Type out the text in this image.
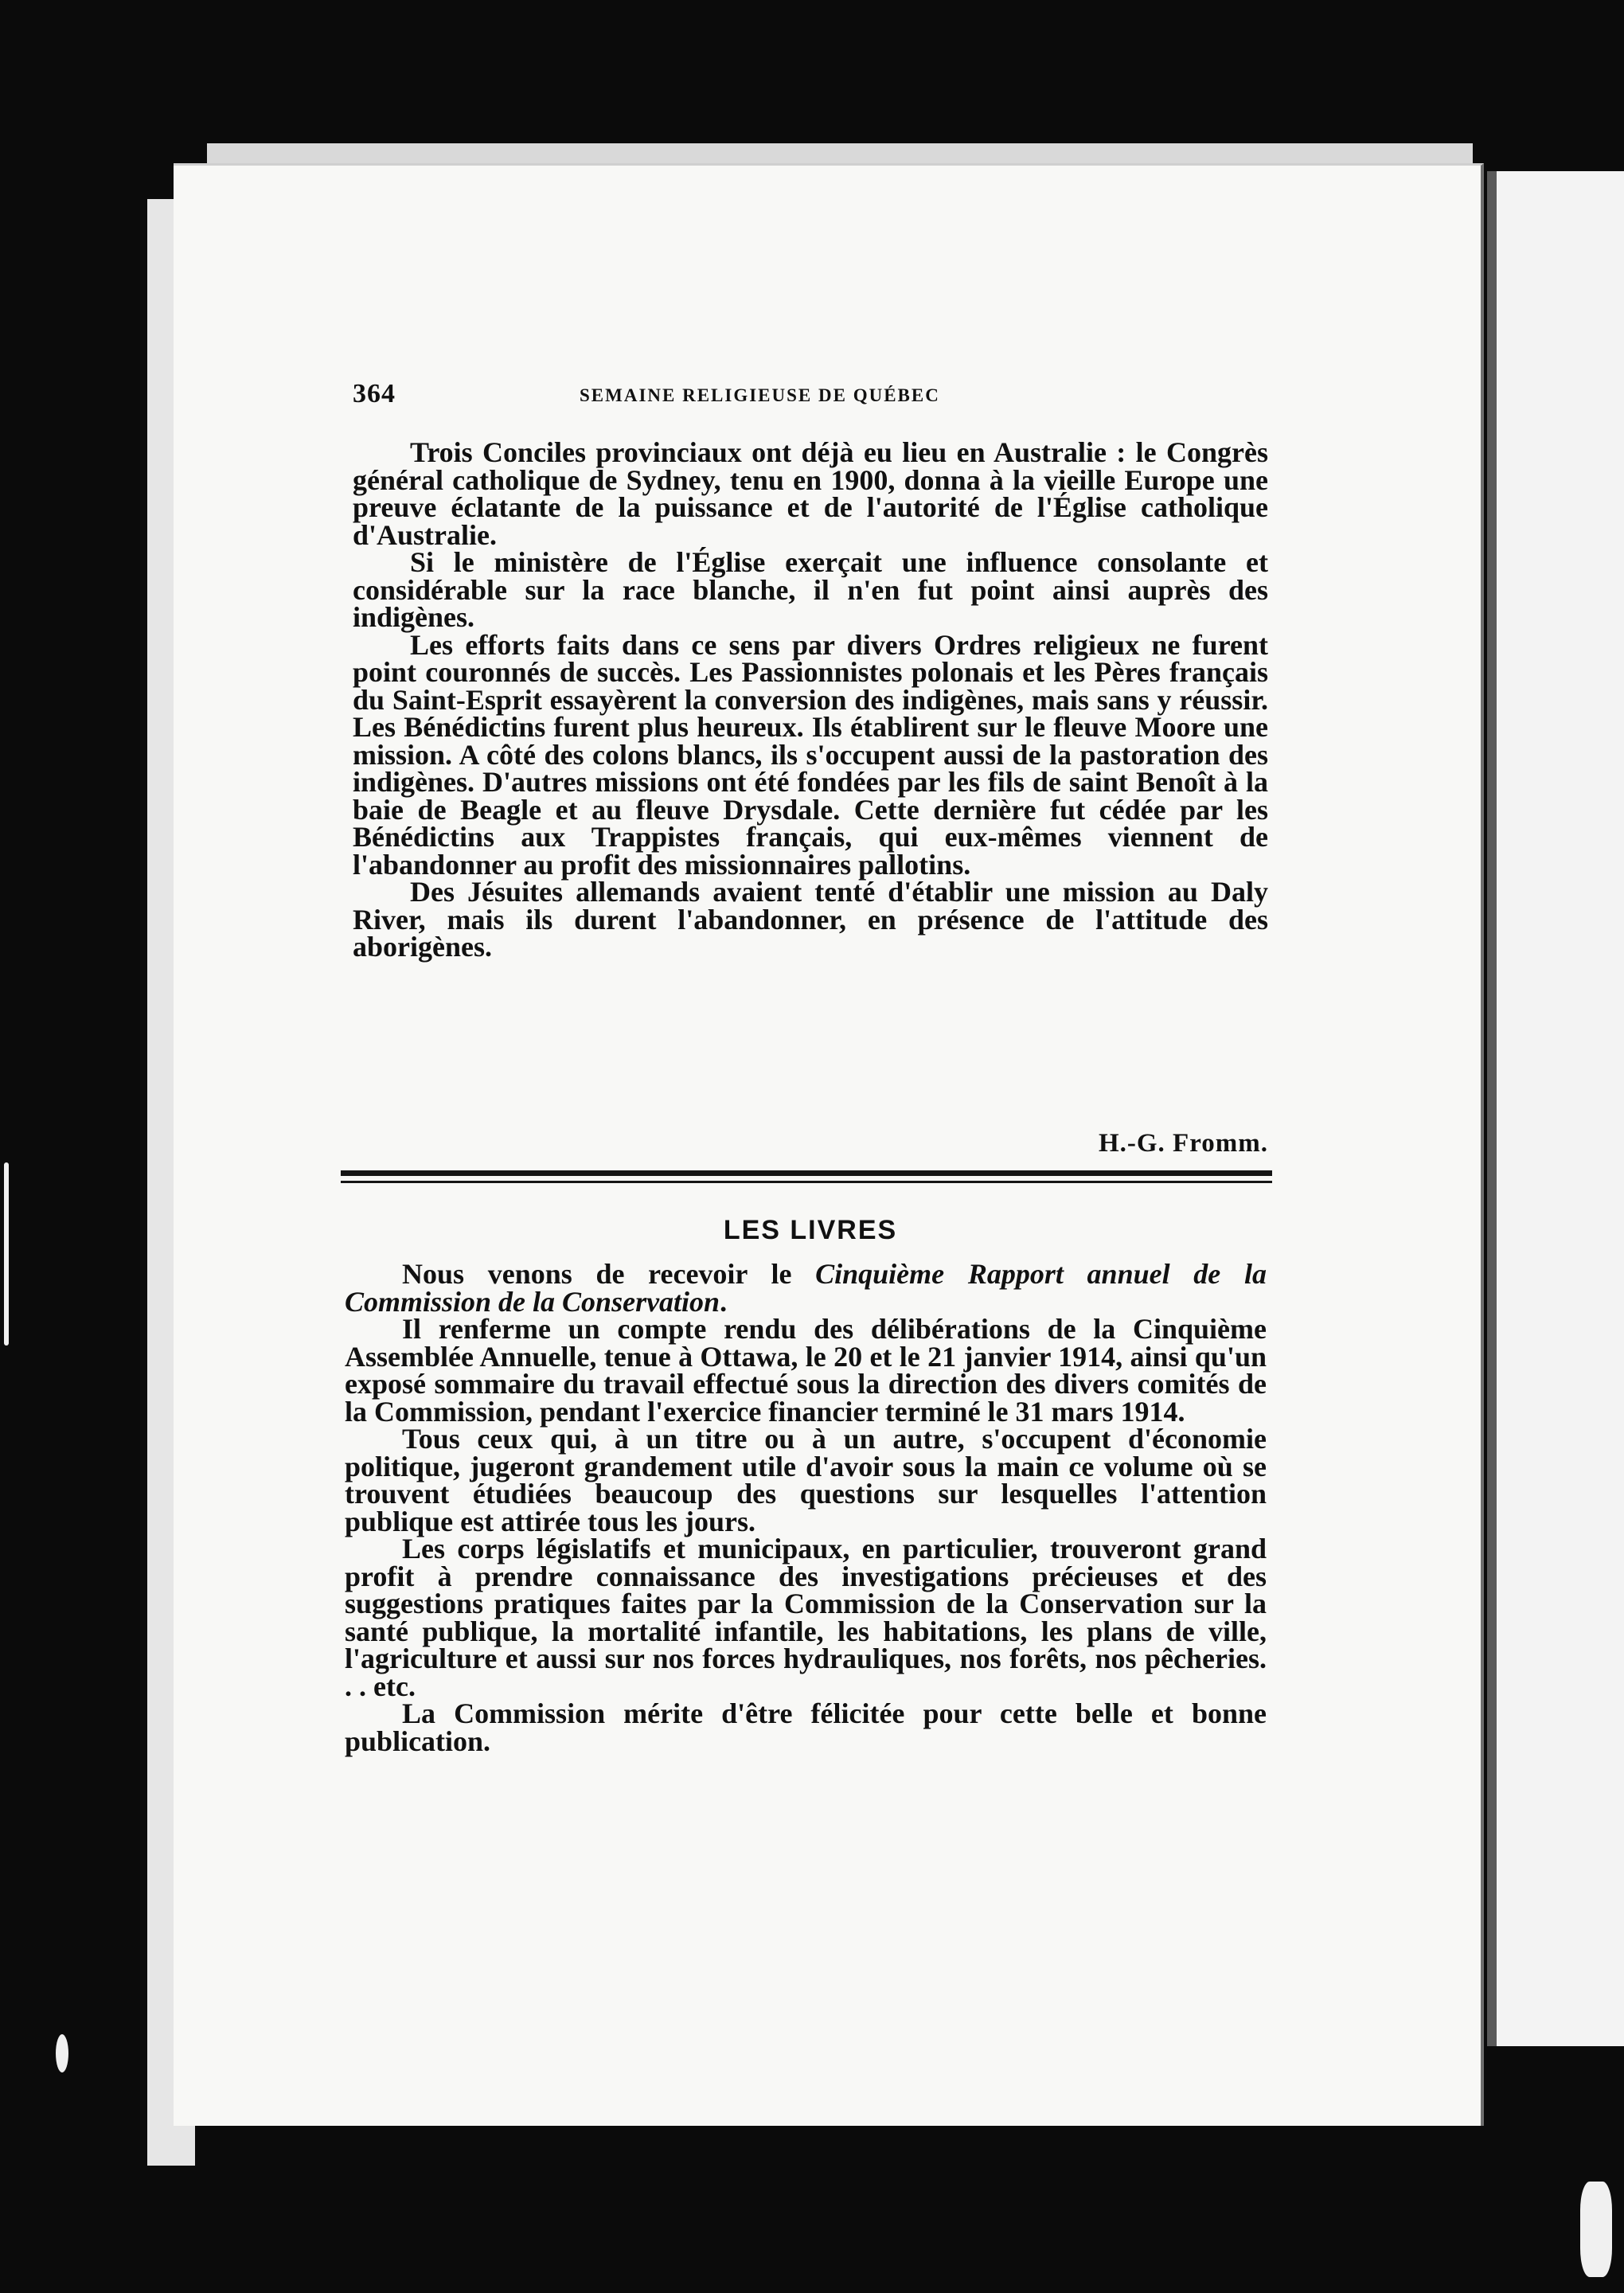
364	SEMAINE RELIGIEUSE DE QUÉBEC

Trois Conciles provinciaux ont déjà eu lieu en Australie : le Congrès général catholique de Sydney, tenu en 1900, donna à la vieille Europe une preuve éclatante de la puissance et de l'autorité de l'Église catholique d'Australie.

Si le ministère de l'Église exerçait une influence consolante et considérable sur la race blanche, il n'en fut point ainsi auprès des indigènes.

Les efforts faits dans ce sens par divers Ordres religieux ne furent point couronnés de succès. Les Passionnistes polonais et les Pères français du Saint-Esprit essayèrent la conversion des indigènes, mais sans y réussir. Les Bénédictins furent plus heureux. Ils établirent sur le fleuve Moore une mission. A côté des colons blancs, ils s'occupent aussi de la pastoration des indigènes. D'autres missions ont été fondées par les fils de saint Benoît à la baie de Beagle et au fleuve Drysdale. Cette dernière fut cédée par les Bénédictins aux Trappistes français, qui eux-mêmes viennent de l'abandonner au profit des missionnaires pallotins.

Des Jésuites allemands avaient tenté d'établir une mission au Daly River, mais ils durent l'abandonner, en présence de l'attitude des aborigènes.

H.-G. Fromm.
LES LIVRES

Nous venons de recevoir le Cinquième Rapport annuel de la Commission de la Conservation.

Il renferme un compte rendu des délibérations de la Cinquième Assemblée Annuelle, tenue à Ottawa, le 20 et le 21 janvier 1914, ainsi qu'un exposé sommaire du travail effectué sous la direction des divers comités de la Commission, pendant l'exercice financier terminé le 31 mars 1914.

Tous ceux qui, à un titre ou à un autre, s'occupent d'économie politique, jugeront grandement utile d'avoir sous la main ce volume où se trouvent étudiées beaucoup des questions sur lesquelles l'attention publique est attirée tous les jours.

Les corps législatifs et municipaux, en particulier, trouveront grand profit à prendre connaissance des investigations précieuses et des suggestions pratiques faites par la Commission de la Conservation sur la santé publique, la mortalité infantile, les habitations, les plans de ville, l'agriculture et aussi sur nos forces hydrauliques, nos forêts, nos pêcheries. . . etc.

La Commission mérite d'être félicitée pour cette belle et bonne publication.
